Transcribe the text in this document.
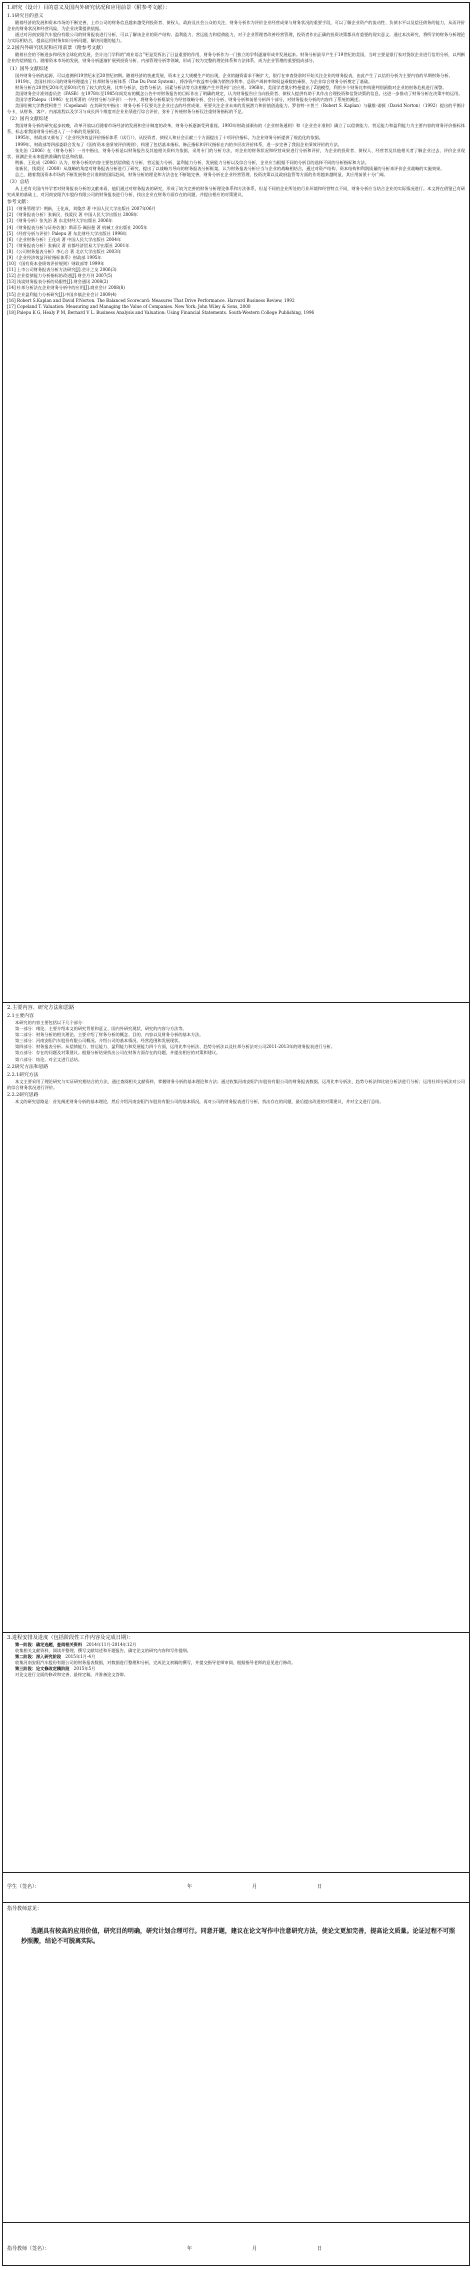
1.研究（设计）目的意义及国内外研究状况和应用前景（附参考文献）：
1.1研究目的意义

随着经济的发展和资本市场的不断完善，上市公司的财务信息越来越受到投资者、债权人、政府及社会公众的关注，财务分析作为评价企业经营成果与财务状况的重要手段，可以了解企业资产的流动性、负债水平以及偿还债务的能力，从而评价企业的财务状况和经营风险，为企业决策提供依据。

通过对河南安阳汽车股份有限公司的财务报表进行分析，可以了解该企业的资产结构、盈利能力、营运能力和偿债能力，对于企业管理者改善经营管理，投资者作出正确的投资决策都具有重要的现实意义。通过本次研究，将所学的财务分析理论与实际相结合，提高运用财务知识分析问题、解决问题的能力。

2.2国内外研究状况和应用前景（附参考文献）

随着社会的不断进步和经济全球化的发展，会计这门学科的"商业语言"更是发挥出了日益重要的作用，财务分析作为一门独立的学科逐渐形成并发展起来。财务分析最早产生于19世纪的美国，当时主要是银行家对贷款企业进行信用分析，以判断企业的偿债能力。随着资本市场的发展，财务分析逐渐扩展到投资分析、内部管理分析等领域，形成了较为完整的理论体系和方法体系，成为企业管理的重要组成部分。

（1）国外文献综述

国外财务分析的起源，可以追溯到19世纪末至20世纪初期。随着经济的快速发展，资本主义大规模生产的出现，企业的融资需求不断扩大，银行在审查贷款时开始关注企业的财务报表，由此产生了以信用分析为主要内容的早期财务分析。

1919年，美国杜邦公司的财务经理提出了杜邦财务分析体系（The Du Pont System），将净资产收益率分解为销售净利率、总资产周转率和权益乘数的乘积，为企业综合财务分析奠定了基础。

财务分析在20世纪20年代至60年代有了较大的发展，比率分析法、趋势分析法、因素分析法等方法相继产生并得到广泛应用。1968年，美国学者奥尔特曼提出了Z值模型，利用多个财务比率构建判别函数对企业的财务危机进行预警。

美国财务会计准则委员会（FASB）在1978年至1985年间发布的概念公告中对财务报告的目标作出了明确的规定，认为财务报告应当向投资者、债权人提供有助于其作出合理投资和信贷决策的信息，这进一步推动了财务分析在决策中的运用。

美国学者Palepu（1996）在其所著的《经营分析与评价》一书中，将财务分析框架分为经营战略分析、会计分析、财务分析和前景分析四个部分，对财务报表分析的内容作了系统的阐述。

美国哈佛大学教授柯普兰（Copeland）在其研究中指出：财务分析不仅要关注企业过去的经营成果，更要关注企业未来的发展潜力和价值创造能力。罗伯特·卡普兰（Robert S. Kaplan）与戴维·诺顿（David Norton）（1992）提出的平衡计分卡，从财务、客户、内部流程以及学习与成长四个维度对企业业绩进行综合评价，弥补了传统财务分析仅注重财务指标的不足。

（2）国内文献综述

我国财务分析的研究起步较晚，改革开放以后随着市场经济的发展和会计制度的改革，财务分析逐渐受到重视。1993年财政部颁布的《企业财务通则》和《企业会计准则》确立了以偿债能力、营运能力和盈利能力为主要内容的财务评价指标体系，标志着我国财务分析进入了一个新的发展阶段。

1995年，财政部又颁布了《企业经济效益评价指标体系（试行）》，从投资者、债权人和社会贡献三个方面提出了十项评价指标，为企业财务分析提供了规范化的依据。

1999年，财政部等四部委联合发布了《国有资本金绩效评价规则》，构建了包括基本指标、修正指标和评议指标在内的多层次评价体系，进一步完善了我国企业绩效评价的方法。

张先治（2006）在《财务分析》一书中指出，财务分析是以财务报告及其他相关资料为依据，采用专门的分析方法，对企业的财务状况和经营成果进行分析和评价，为企业的投资者、债权人、经营者及其他相关者了解企业过去、评价企业现状、预测企业未来提供准确的信息和依据。

荆新、王化成（2006）认为，财务分析的内容主要包括偿债能力分析、营运能力分析、盈利能力分析、发展能力分析以及综合分析，企业应当根据不同的分析目的选择不同的分析指标和方法。

张新民、钱爱民（2008）从战略的角度对财务报表分析进行了研究，提出了以战略为导向的财务报表分析框架，认为财务报表分析应当与企业的战略相结合，通过对资产结构、资本结构和利润质量的分析来评价企业战略的实施效果。

总之，随着我国资本市场的不断发展和会计准则的国际趋同，财务分析的理论和方法也在不断地完善，财务分析在企业经营管理、投资决策以及政府监管等方面的作用越来越明显，其应用前景十分广阔。

（3）总结

从上述有关国内外学者对财务报表分析的文献来看，他们通过对财务报表的研究，形成了较为完善的财务分析理论体系和方法体系，但是不同的企业所处的行业环境和经营特点不同，财务分析应当结合企业的实际情况进行。本文将在借鉴已有研究成果的基础上，对河南安阳汽车股份有限公司的财务报表进行分析，找出企业在财务方面存在的问题，并提出相应的对策建议。

参考文献：

[1] 《财务管理学》荆新，王化成，刘俊彦 著 中国人民大学出版社 2007年06月

[2] 《财务报表分析》张新民，钱爱民 著 中国人民大学出版社 2008年

[3] 《财务分析》张先治 著 东北财经大学出版社 2006年

[4] 《财务报表分析与证券估值》斯蒂芬·佩因曼 著 机械工业出版社 2005年

[5] 《经营分析与评价》Palepu 著 东北财经大学出版社 1998年

[6] 《企业财务分析》王化成 著 中国人民大学出版社 2004年

[7] 《财务报表分析》张新民 著 首都经济贸易大学出版社 2001年

[8] 《公司财务报表分析》李心合 著 北京大学出版社 2003年

[9] 《企业经济效益评价指标体系》财政部 1995年

[10] 《国有资本金绩效评价规则》财政部等 1999年

[11] 上市公司财务报表分析方法研究[J].会计之友 2006(3)

[12] 企业偿债能力分析指标的改进[J].财会月刊 2007(5)

[13] 浅谈财务报表分析的局限性[J].财会通讯 2008(2)

[14] 杜邦分析法在企业财务分析中的应用[J].商业会计 2008(8)

[15] 企业盈利能力分析研究[J].中国乡镇企业会计 2009(4)

[16] Robert S.Kaplan and David P.Norton. The Balanced Scorecard: Measures That Drive Performance. Harvard Business Review, 1992

[17] Copeland T. Valuation: Measuring and Managing the Value of Companies. New York: John Wiley & Sons, 2000

[18] Palepu K G, Healy P M, Bernard V L. Business Analysis and Valuation: Using Financial Statements. South-Western College Publishing, 1996

2.主要内容、研究方法和思路
2.1主要内容

本研究的内容主要包括以下几个部分：

第一部分：绪论。主要介绍本文的研究背景和意义、国内外研究现状、研究的内容与方法等。

第二部分：财务分析的相关理论。主要介绍了财务分析的概念、目的、内容以及财务分析的基本方法。

第三部分：河南安阳汽车股份有限公司概况。介绍公司的基本情况、经营范围和发展现状。

第四部分：财务报表分析。从偿债能力、营运能力、盈利能力和发展能力四个方面，运用比率分析法、趋势分析法以及杜邦分析法对公司2011-2013年的财务报表进行分析。

第五部分：存在的问题及对策建议。根据分析结果找出公司在财务方面存在的问题，并提出相应的对策和建议。

第六部分：结论。对全文进行总结。

2.2研究方法和思路
2.2.1研究方法

本文主要采用了理论研究与实证研究相结合的方法，通过查阅相关文献资料，掌握财务分析的基本理论和方法；通过收集河南安阳汽车股份有限公司的财务报表数据，运用比率分析法、趋势分析法和比较分析法进行分析；运用杜邦分析法对公司的综合财务状况进行评价。

2.2.2研究思路

本文的研究思路是：首先阐述财务分析的基本理论，然后介绍河南安阳汽车股份有限公司的基本情况，再对公司的财务报表进行分析，找出存在的问题，最后提出改进的对策建议，并对全文进行总结。

3.进程安排及进度（包括阶段性工作内容及完成日期）：

第一阶段：确定选题，查阅相关资料　 2014年11月-2014年12月

收集相关文献资料，阅读并整理，撰写文献综述和开题报告，确定论文的研究内容和写作提纲。

第二阶段：深入研究阶段　 2015年1月-4月

收集河南安阳汽车股份有限公司的财务报表数据，对数据进行整理和分析，完成论文初稿的撰写，并提交指导老师审阅，根据指导老师的意见进行修改。

第三阶段：论文修改定稿阶段　 2015年5月

对论文进行全面的修改和完善，最终定稿，并准备论文答辩。

学生（签名）：	年	月	日
指导教师意见：
选题具有较高的应用价值，研究目的明确，研究计划合理可行。同意开题，建议在论文写作中注意研究方法，使论文更加完善，提高论文质量。论证过程不可照抄照搬，结论不可脱离实际。
指导教师（签名）：	年	月	日
